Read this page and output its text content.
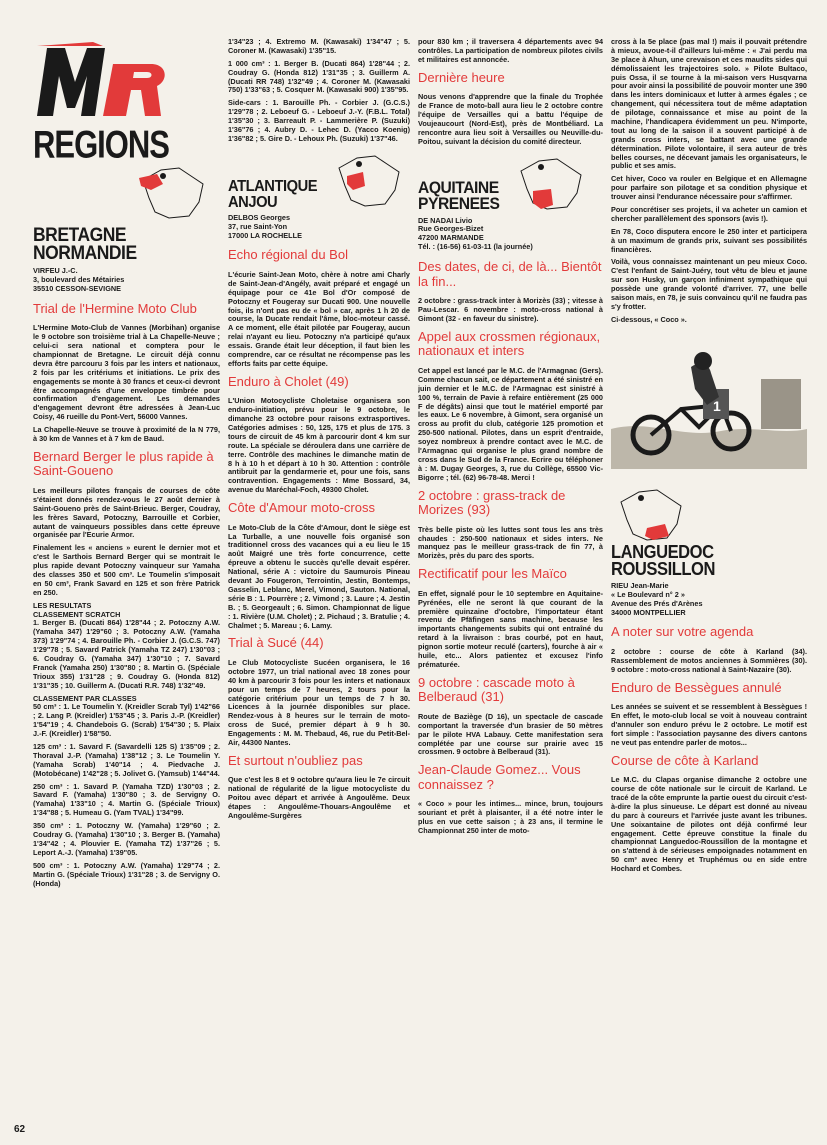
REGIONS
BRETAGNE
NORMANDIE
VIRFEU J.-C.
3, boulevard des Métairies
35510 CESSON-SEVIGNE
Trial de l'Hermine Moto Club

L'Hermine Moto-Club de Vannes (Morbihan) organise le 9 octobre son troisième trial à La Chapelle-Neuve ; celui-ci sera national et comptera pour le championnat de Bretagne. Le circuit déjà connu devra être parcouru 3 fois par les inters et nationaux, 2 fois par les critériums et initiations. Le prix des engagements se monte à 30 francs et ceux-ci devront être accompagnés d'une enveloppe timbrée pour confirmation d'engagement. Les demandes d'engagement devront être adressées à Jean-Luc Coisy, 46 rueille du Pont-Vert, 56000 Vannes.

La Chapelle-Neuve se trouve à proximité de la N 779, à 30 km de Vannes et à 7 km de Baud.

Bernard Berger le plus rapide à Saint-Goueno

Les meilleurs pilotes français de courses de côte s'étaient donnés rendez-vous le 27 août dernier à Saint-Goueno près de Saint-Brieuc. Berger, Coudray, les frères Savard, Potoczny, Barrouille et Corbier, autant de vainqueurs possibles dans cette épreuve organisée par l'Ecurie Armor.

Finalement les « anciens » eurent le dernier mot et c'est le Sarthois Bernard Berger qui se montrait le plus rapide devant Potoczny vainqueur sur Yamaha des classes 350 et 500 cm³. Le Toumelin s'imposait en 50 cm³, Frank Savard en 125 et son frère Patrick en 250.

LES RESULTATS

CLASSEMENT SCRATCH

1. Berger B. (Ducati 864) 1'28"44 ; 2. Potoczny A.W. (Yamaha 347) 1'29"60 ; 3. Potoczny A.W. (Yamaha 373) 1'29"74 ; 4. Barouille Ph. - Corbier J. (G.C.S. 747) 1'29"78 ; 5. Savard Patrick (Yamaha TZ 247) 1'30"03 ; 6. Coudray G. (Yamaha 347) 1'30"10 ; 7. Savard Franck (Yamaha 250) 1'30"80 ; 8. Martin G. (Spéciale Trioux 355) 1'31"28 ; 9. Coudray G. (Honda 812) 1'31"35 ; 10. Guillerm A. (Ducati R.R. 748) 1'32"49.

CLASSEMENT PAR CLASSES

50 cm³ : 1. Le Toumelin Y. (Kreidler Scrab Tyl) 1'42"66 ; 2. Lang P. (Kreidler) 1'53"45 ; 3. Paris J.-P. (Kreidler) 1'54"19 ; 4. Chandebois G. (Scrab) 1'54"30 ; 5. Plaix J.-F. (Kreidler) 1'58"50.

125 cm³ : 1. Savard F. (Savardelli 125 S) 1'35"09 ; 2. Thoraval J.-P. (Yamaha) 1'38"12 ; 3. Le Toumelin Y. (Yamaha Scrab) 1'40"14 ; 4. Piedvache J. (Motobécane) 1'42"28 ; 5. Jolivet G. (Yamsub) 1'44"44.

250 cm³ : 1. Savard P. (Yamaha TZD) 1'30"03 ; 2. Savard F. (Yamaha) 1'30"80 ; 3. de Servigny O. (Yamaha) 1'33"10 ; 4. Martin G. (Spéciale Trioux) 1'34"88 ; 5. Humeau G. (Yam TVAL) 1'34"99.

350 cm³ : 1. Potoczny W. (Yamaha) 1'29"60 ; 2. Coudray G. (Yamaha) 1'30"10 ; 3. Berger B. (Yamaha) 1'34"42 ; 4. Plouvier E. (Yamaha TZ) 1'37"26 ; 5. Leport A.-J. (Yamaha) 1'39"05.

500 cm³ : 1. Potoczny A.W. (Yamaha) 1'29"74 ; 2. Martin G. (Spéciale Trioux) 1'31"28 ; 3. de Servigny O. (Honda)

1'34"23 ; 4. Extremo M. (Kawasaki) 1'34"47 ; 5. Coroner M. (Kawasaki) 1'35"15.

1 000 cm³ : 1. Berger B. (Ducati 864) 1'28"44 ; 2. Coudray G. (Honda 812) 1'31"35 ; 3. Guillerm A. (Ducati RR 748) 1'32"49 ; 4. Coroner M. (Kawasaki 750) 1'33"63 ; 5. Cosquer M. (Kawasaki 900) 1'35"95.

Side-cars : 1. Barouille Ph. - Corbier J. (G.C.S.) 1'29"78 ; 2. Leboeuf G. - Leboeuf J.-Y. (F.B.L. Total) 1'35"30 ; 3. Barreault P. - Lammerière P. (Suzuki) 1'36"76 ; 4. Aubry D. - Lehec D. (Yacco Koenig) 1'36"82 ; 5. Gire D. - Lehoux Ph. (Suzuki) 1'37"46.

ATLANTIQUE
ANJOU
DELBOS Georges
37, rue Saint-Yon
17000 LA ROCHELLE
Echo régional du Bol

L'écurie Saint-Jean Moto, chère à notre ami Charly de Saint-Jean-d'Angély, avait préparé et engagé un équipage pour ce 41e Bol d'Or composé de Potoczny et Fougeray sur Ducati 900. Une nouvelle fois, ils n'ont pas eu de « bol » car, après 1 h 20 de course, la Ducate rendait l'âme, bloc-moteur cassé. A ce moment, elle était pilotée par Fougeray, aucun relai n'ayant eu lieu. Potoczny n'a participé qu'aux essais. Grande était leur déception, il faut bien les comprendre, car ce résultat ne récompense pas les efforts faits par cette équipe.

Enduro à Cholet (49)

L'Union Motocycliste Choletaise organisera son enduro-initiation, prévu pour le 9 octobre, le dimanche 23 octobre pour raisons extrasportives. Catégories admises : 50, 125, 175 et plus de 175. 3 tours de circuit de 45 km à parcourir dont 4 km sur route. La spéciale se déroulera dans une carrière de terre. Contrôle des machines le dimanche matin de 8 h à 10 h et départ à 10 h 30. Attention : contrôle antibruit par la gendarmerie et, pour une fois, sans contravention. Engagements : Mme Bossard, 34, avenue du Maréchal-Foch, 49300 Cholet.

Côte d'Amour moto-cross

Le Moto-Club de la Côte d'Amour, dont le siège est La Turballe, a une nouvelle fois organisé son traditionnel cross des vacances qui a eu lieu le 15 août Maigré une très forte concurrence, cette épreuve a obtenu le succès qu'elle devait espérer. National, série A : victoire du Saumurois Pineau devant Jo Fougeron, Terrointin, Jestin, Bontemps, Gasselin, Leblanc, Merel, Vimond, Sauton. National, série B : 1. Pourrère ; 2. Vimond ; 3. Laure ; 4. Jestin B. ; 5. Georgeault ; 6. Simon. Championnat de ligue : 1. Rivière (U.M. Cholet) ; 2. Pichaud ; 3. Bratulie ; 4. Chalmet ; 5. Mareau ; 6. Lamy.

Trial à Sucé (44)

Le Club Motocycliste Sucéen organisera, le 16 octobre 1977, un trial national avec 18 zones pour 40 km à parcourir 3 fois pour les inters et nationaux pour un temps de 7 heures, 2 tours pour la catégorie critérium pour un temps de 7 h 30. Licences à la journée disponibles sur place. Rendez-vous à 8 heures sur le terrain de moto-cross de Sucé, premier départ à 9 h 30. Engagements : M. M. Thebaud, 46, rue du Petit-Bel-Air, 44300 Nantes.

Et surtout n'oubliez pas

Que c'est les 8 et 9 octobre qu'aura lieu le 7e circuit national de régularité de la ligue motocycliste du Poitou avec départ et arrivée à Angoulême. Deux étapes : Angoulême-Thouars-Angoulême et Angoulême-Surgères

pour 830 km ; il traversera 4 départements avec 94 contrôles. La participation de nombreux pilotes civils et militaires est annoncée.

Dernière heure

Nous venons d'apprendre que la finale du Trophée de France de moto-ball aura lieu le 2 octobre contre l'équipe de Versailles qui a battu l'équipe de Voujeaucourt (Nord-Est), près de Montbéliard. La rencontre aura lieu soit à Versailles ou Neuville-du-Poitou, suivant la décision du comité directeur.

AQUITAINE
PYRENEES
DE NADAI Livio
Rue Georges-Bizet
47200 MARMANDE
Tél. : (16-56) 61-03-11 (la journée)
Des dates, de ci, de là... Bientôt la fin...

2 octobre : grass-track inter à Morizès (33) ; vitesse à Pau-Lescar. 6 novembre : moto-cross national à Gimont (32 - en faveur du sinistre).

Appel aux crossmen régionaux, nationaux et inters

Cet appel est lancé par le M.C. de l'Armagnac (Gers). Comme chacun sait, ce département a été sinistré en juin dernier et le M.C. de l'Armagnac est sinistré à 100 %, terrain de Pavie à refaire entièrement (25 000 F de dégâts) ainsi que tout le matériel emporté par les eaux. Le 6 novembre, à Gimont, sera organisé un cross au profit du club, catégorie 125 promotion et 250-500 national. Pilotes, dans un esprit d'entraide, soyez nombreux à prendre contact avec le M.C. de l'Armagnac qui organise le plus grand nombre de cross dans le Sud de la France. Ecrire ou téléphoner à : M. Dugay Georges, 3, rue du Collège, 65500 Vic-Bigorre ; tél. (62) 96-78-48. Merci !

2 octobre : grass-track de Morizes (93)

Très belle piste où les luttes sont tous les ans très chaudes : 250-500 nationaux et sides inters. Ne manquez pas le meilleur grass-track de fin 77, à Morizès, près du parc des sports.

Rectificatif pour les Maïco

En effet, signalé pour le 10 septembre en Aquitaine-Pyrénées, elle ne seront là que courant de la première quinzaine d'octobre, l'importateur étant revenu de Pfäfingen sans machine, because les importants changements subits qui ont entraîné du retard à la livraison : bras courbé, pot en haut, pignon sortie moteur reculé (carters), fourche à air « huile, etc... Alors patientez et excusez l'info prématurée.

9 octobre : cascade moto à Belberaud (31)

Route de Baziège (D 16), un spectacle de cascade comportant la traversée d'un brasier de 50 mètres par le pilote HVA Labauy. Cette manifestation sera complétée par une course sur prairie avec 15 crossmen. 9 octobre à Belberaud (31).

Jean-Claude Gomez... Vous connaissez ?

« Coco » pour les intimes... mince, brun, toujours souriant et prêt à plaisanter, il a été notre inter le plus en vue cette saison ; à 23 ans, il termine le Championnat 250 inter de moto-

cross à la 5e place (pas mal !) mais il pouvait prétendre à mieux, avoue-t-il d'ailleurs lui-même : « J'ai perdu ma 3e place à Ahun, une crevaison et ces maudits sides qui démolissaient les trajectoires solo. » Pilote Bultaco, puis Ossa, il se tourne à la mi-saison vers Husqvarna pour avoir ainsi la possibilité de pouvoir monter une 390 dans les inters dominicaux et lutter à armes égales ; ce changement, qui nécessitera tout de même adaptation de pilotage, connaissance et mise au point de la machine, l'handicapera évidemment un peu. N'importe, tout au long de la saison il a souvent participé à de grands cross inters, se battant avec une grande détermination. Pilote volontaire, il sera auteur de très belles courses, ne décevant jamais les organisateurs, le public et ses amis.

Cet hiver, Coco va rouler en Belgique et en Allemagne pour parfaire son pilotage et sa condition physique et trouver ainsi l'endurance nécessaire pour s'affirmer.

Pour concrétiser ses projets, il va acheter un camion et chercher parallèlement des sponsors (avis !).

En 78, Coco disputera encore le 250 inter et participera à un maximum de grands prix, suivant ses possibilités financières.

Voilà, vous connaissez maintenant un peu mieux Coco. C'est l'enfant de Saint-Juéry, tout vêtu de bleu et jaune sur son Husky, un garçon infiniment sympathique qui possède une grande volonté d'arriver. 77, une belle saison mais, en 78, je suis convaincu qu'il ne faudra pas s'y frotter.

Ci-dessous, « Coco ».

1
LANGUEDOC
ROUSSILLON
RIEU Jean-Marie
« Le Boulevard n° 2 »
Avenue des Prés d'Arènes
34000 MONTPELLIER
A noter sur votre agenda

2 octobre : course de côte à Karland (34). Rassemblement de motos anciennes à Sommières (30). 9 octobre : moto-cross national à Saint-Nazaire (30).

Enduro de Bessègues annulé

Les années se suivent et se ressemblent à Bessègues ! En effet, le moto-club local se voit à nouveau contraint d'annuler son enduro prévu le 2 octobre. Le motif est fort simple : l'association paysanne des divers cantons ne veut pas entendre parler de motos...

Course de côte à Karland

Le M.C. du Clapas organise dimanche 2 octobre une course de côte nationale sur le circuit de Karland. Le tracé de la côte emprunte la partie ouest du circuit c'est-à-dire la plus sinueuse. Le départ est donné au niveau du parc à coureurs et l'arrivée juste avant les tribunes. Une soixantaine de pilotes ont déjà confirmé leur engagement. Cette épreuve constitue la finale du championnat Languedoc-Roussillon de la montagne et on s'attend à de sérieuses empoignades notamment en 50 cm³ avec Henry et Truphémus ou en side entre Hochard et Combes.

62
